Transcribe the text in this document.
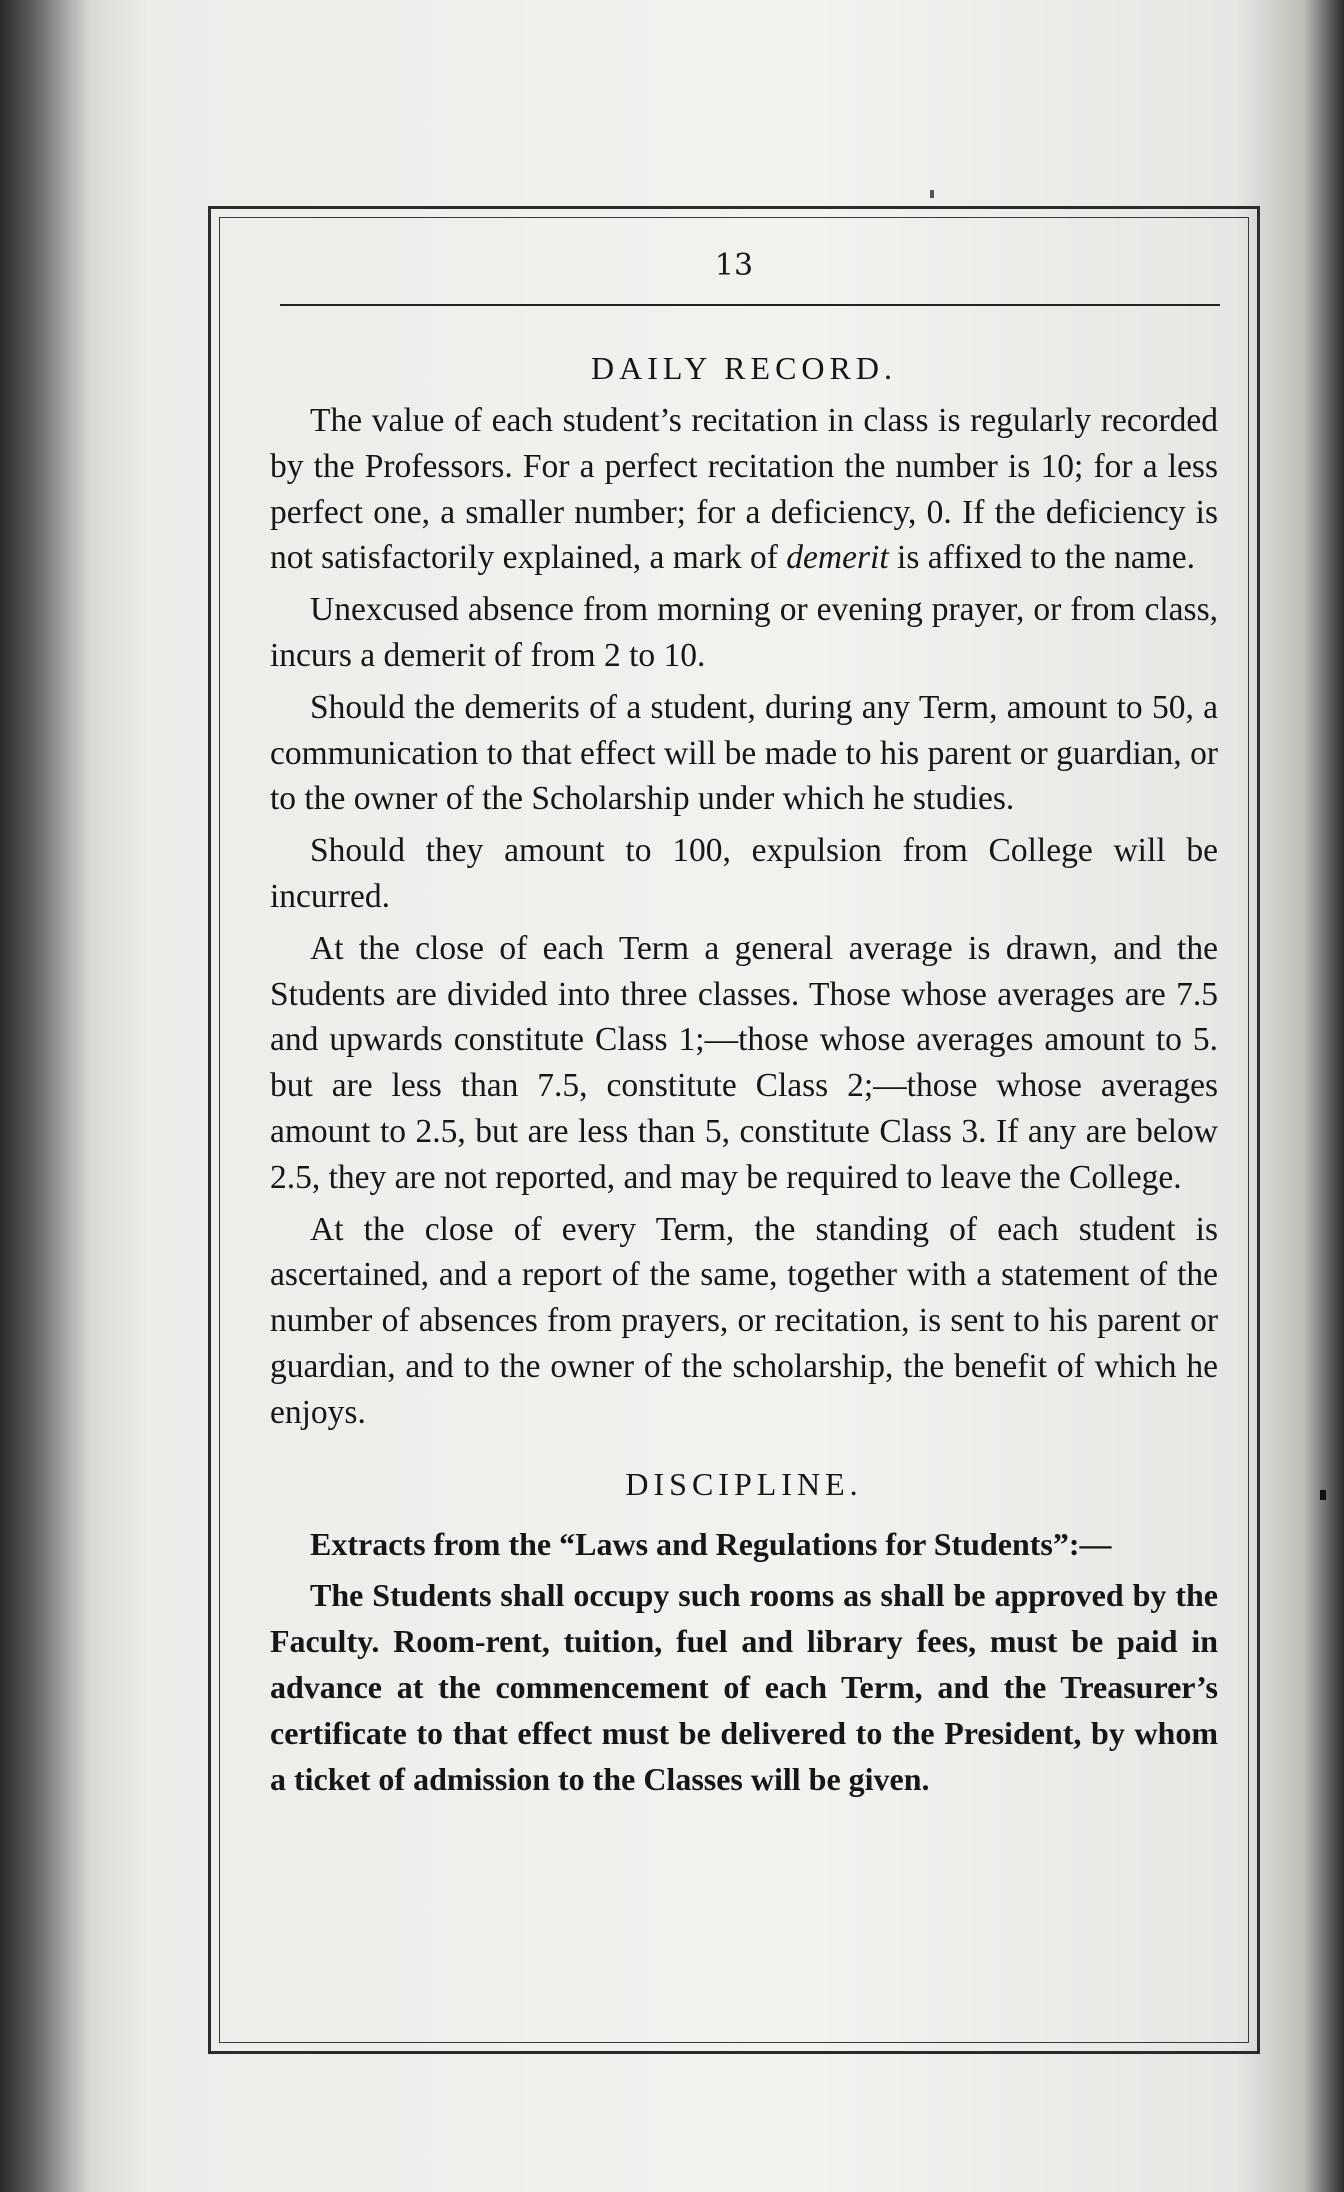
13
DAILY RECORD.

The value of each student’s recitation in class is regularly recorded by the Professors. For a perfect recitation the number is 10; for a less perfect one, a smaller number; for a deficiency, 0. If the deficiency is not satisfactorily explained, a mark of demerit is affixed to the name.

Unexcused absence from morning or evening prayer, or from class, incurs a demerit of from 2 to 10.

Should the demerits of a student, during any Term, amount to 50, a communication to that effect will be made to his parent or guardian, or to the owner of the Scholarship under which he studies.

Should they amount to 100, expulsion from College will be incurred.

At the close of each Term a general average is drawn, and the Students are divided into three classes. Those whose averages are 7.5 and upwards constitute Class 1;—those whose averages amount to 5. but are less than 7.5, constitute Class 2;—those whose averages amount to 2.5, but are less than 5, constitute Class 3. If any are below 2.5, they are not reported, and may be required to leave the College.

At the close of every Term, the standing of each student is ascertained, and a report of the same, together with a statement of the number of absences from prayers, or recitation, is sent to his parent or guardian, and to the owner of the scholarship, the benefit of which he enjoys.

DISCIPLINE.

Extracts from the “Laws and Regulations for Students”:—

The Students shall occupy such rooms as shall be approved by the Faculty. Room-rent, tuition, fuel and library fees, must be paid in advance at the commencement of each Term, and the Treasurer’s certificate to that effect must be delivered to the President, by whom a ticket of admission to the Classes will be given.
